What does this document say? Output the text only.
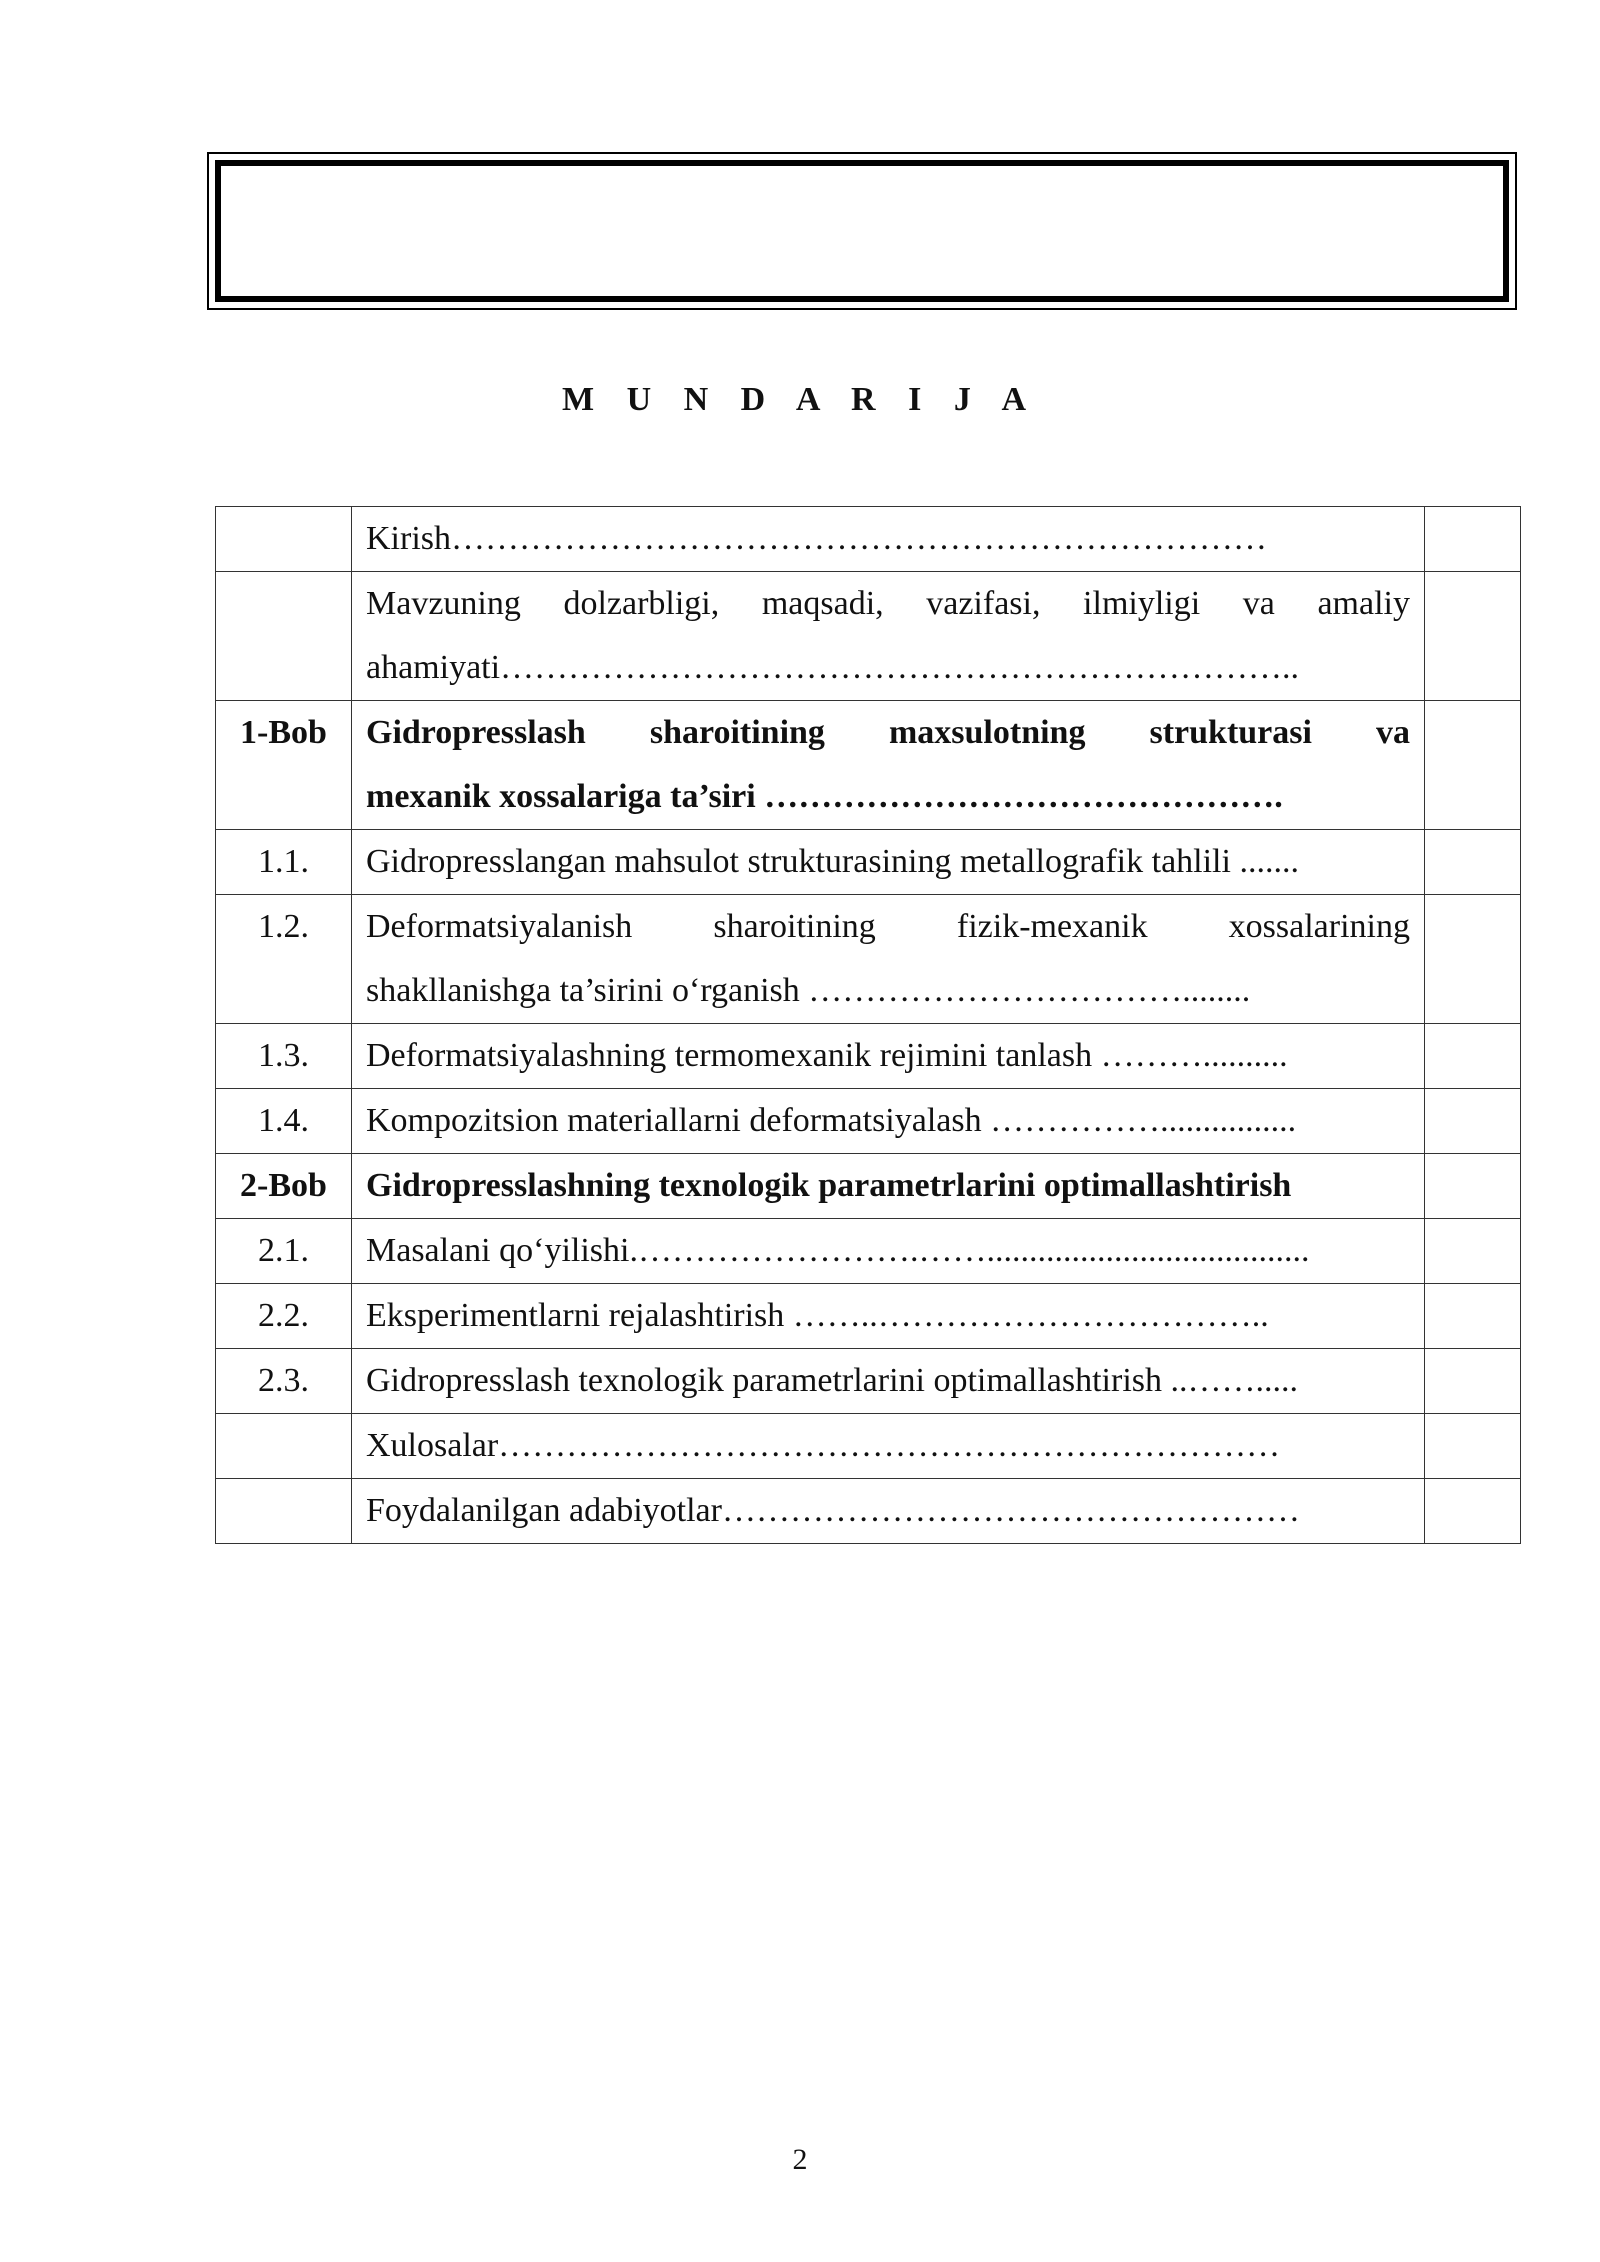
M U N D A R I J A

	Kirish………………………………………………………………	

	Mavzuning dolzarbligi, maqsadi, vazifasi, ilmiyligi va amaliy
ahamiyati……………………………………………………………..	

1-Bob	Gidropresslash sharoitining maxsulotning strukturasi va
mexanik xossalariga ta’siri ……………………………………….	

1.1.	Gidropresslangan mahsulot strukturasining metallografik tahlili .......	

1.2.	Deformatsiyalanish sharoitining fizik-mexanik xossalarining
shakllanishga ta’sirini o‘rganish ……………………………........	

1.3.	Deformatsiyalashning termomexanik rejimini tanlash ………..........	

1.4.	Kompozitsion materiallarni deformatsiyalash ……………................	

2-Bob	Gidropresslashning texnologik parametrlarini optimallashtirish	

2.1.	Masalani qo‘yilishi.…………………….……......................................	

2.2.	Eksperimentlarni rejalashtirish ……..……………………………..	

2.3.	Gidropresslash texnologik parametrlarini optimallashtirish ..…….....	

	Xulosalar……………………………………………………………	

	Foydalanilgan adabiyotlar……………………………………………	

2
